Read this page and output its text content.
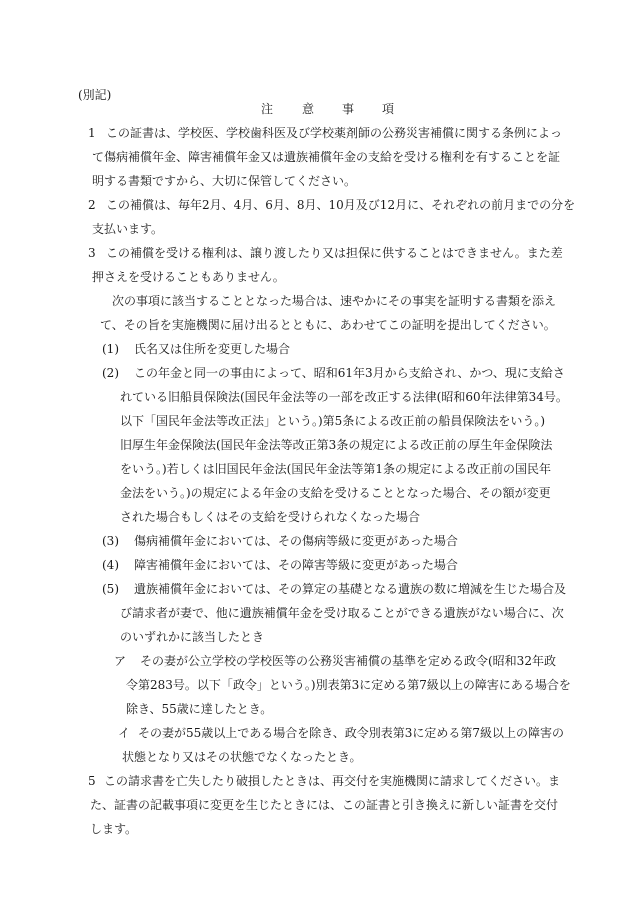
(別記)
注 意 事 項
1 この証書は、学校医、学校歯科医及び学校薬剤師の公務災害補償に関する条例によっ
て傷病補償年金、障害補償年金又は遺族補償年金の支給を受ける権利を有することを証
明する書類ですから、大切に保管してください。
2 この補償は、毎年2月、4月、6月、8月、10月及び12月に、それぞれの前月までの分を
支払います。
3 この補償を受ける権利は、譲り渡したり又は担保に供することはできません。また差
押さえを受けることもありません。
次の事項に該当することとなった場合は、速やかにその事実を証明する書類を添え
て、その旨を実施機関に届け出るとともに、あわせてこの証明を提出してください。
(1) 氏名又は住所を変更した場合
(2) この年金と同一の事由によって、昭和61年3月から支給され、かつ、現に支給さ
れている旧船員保険法(国民年金法等の一部を改正する法律(昭和60年法律第34号。
以下「国民年金法等改正法」という。)第5条による改正前の船員保険法をいう。)
旧厚生年金保険法(国民年金法等改正第3条の規定による改正前の厚生年金保険法
をいう。)若しくは旧国民年金法(国民年金法等第1条の規定による改正前の国民年
金法をいう。)の規定による年金の支給を受けることとなった場合、その額が変更
された場合もしくはその支給を受けられなくなった場合
(3) 傷病補償年金においては、その傷病等級に変更があった場合
(4) 障害補償年金においては、その障害等級に変更があった場合
(5) 遺族補償年金においては、その算定の基礎となる遺族の数に増減を生じた場合及
び請求者が妻で、他に遺族補償年金を受け取ることができる遺族がない場合に、次
のいずれかに該当したとき
ア その妻が公立学校の学校医等の公務災害補償の基準を定める政令(昭和32年政
令第283号。以下「政令」という。)別表第3に定める第7級以上の障害にある場合を
除き、55歳に達したとき。
イ その妻が55歳以上である場合を除き、政令別表第3に定める第7級以上の障害の
状態となり又はその状態でなくなったとき。
5 この請求書を亡失したり破損したときは、再交付を実施機関に請求してください。ま
た、証書の記載事項に変更を生じたときには、この証書と引き換えに新しい証書を交付
します。
